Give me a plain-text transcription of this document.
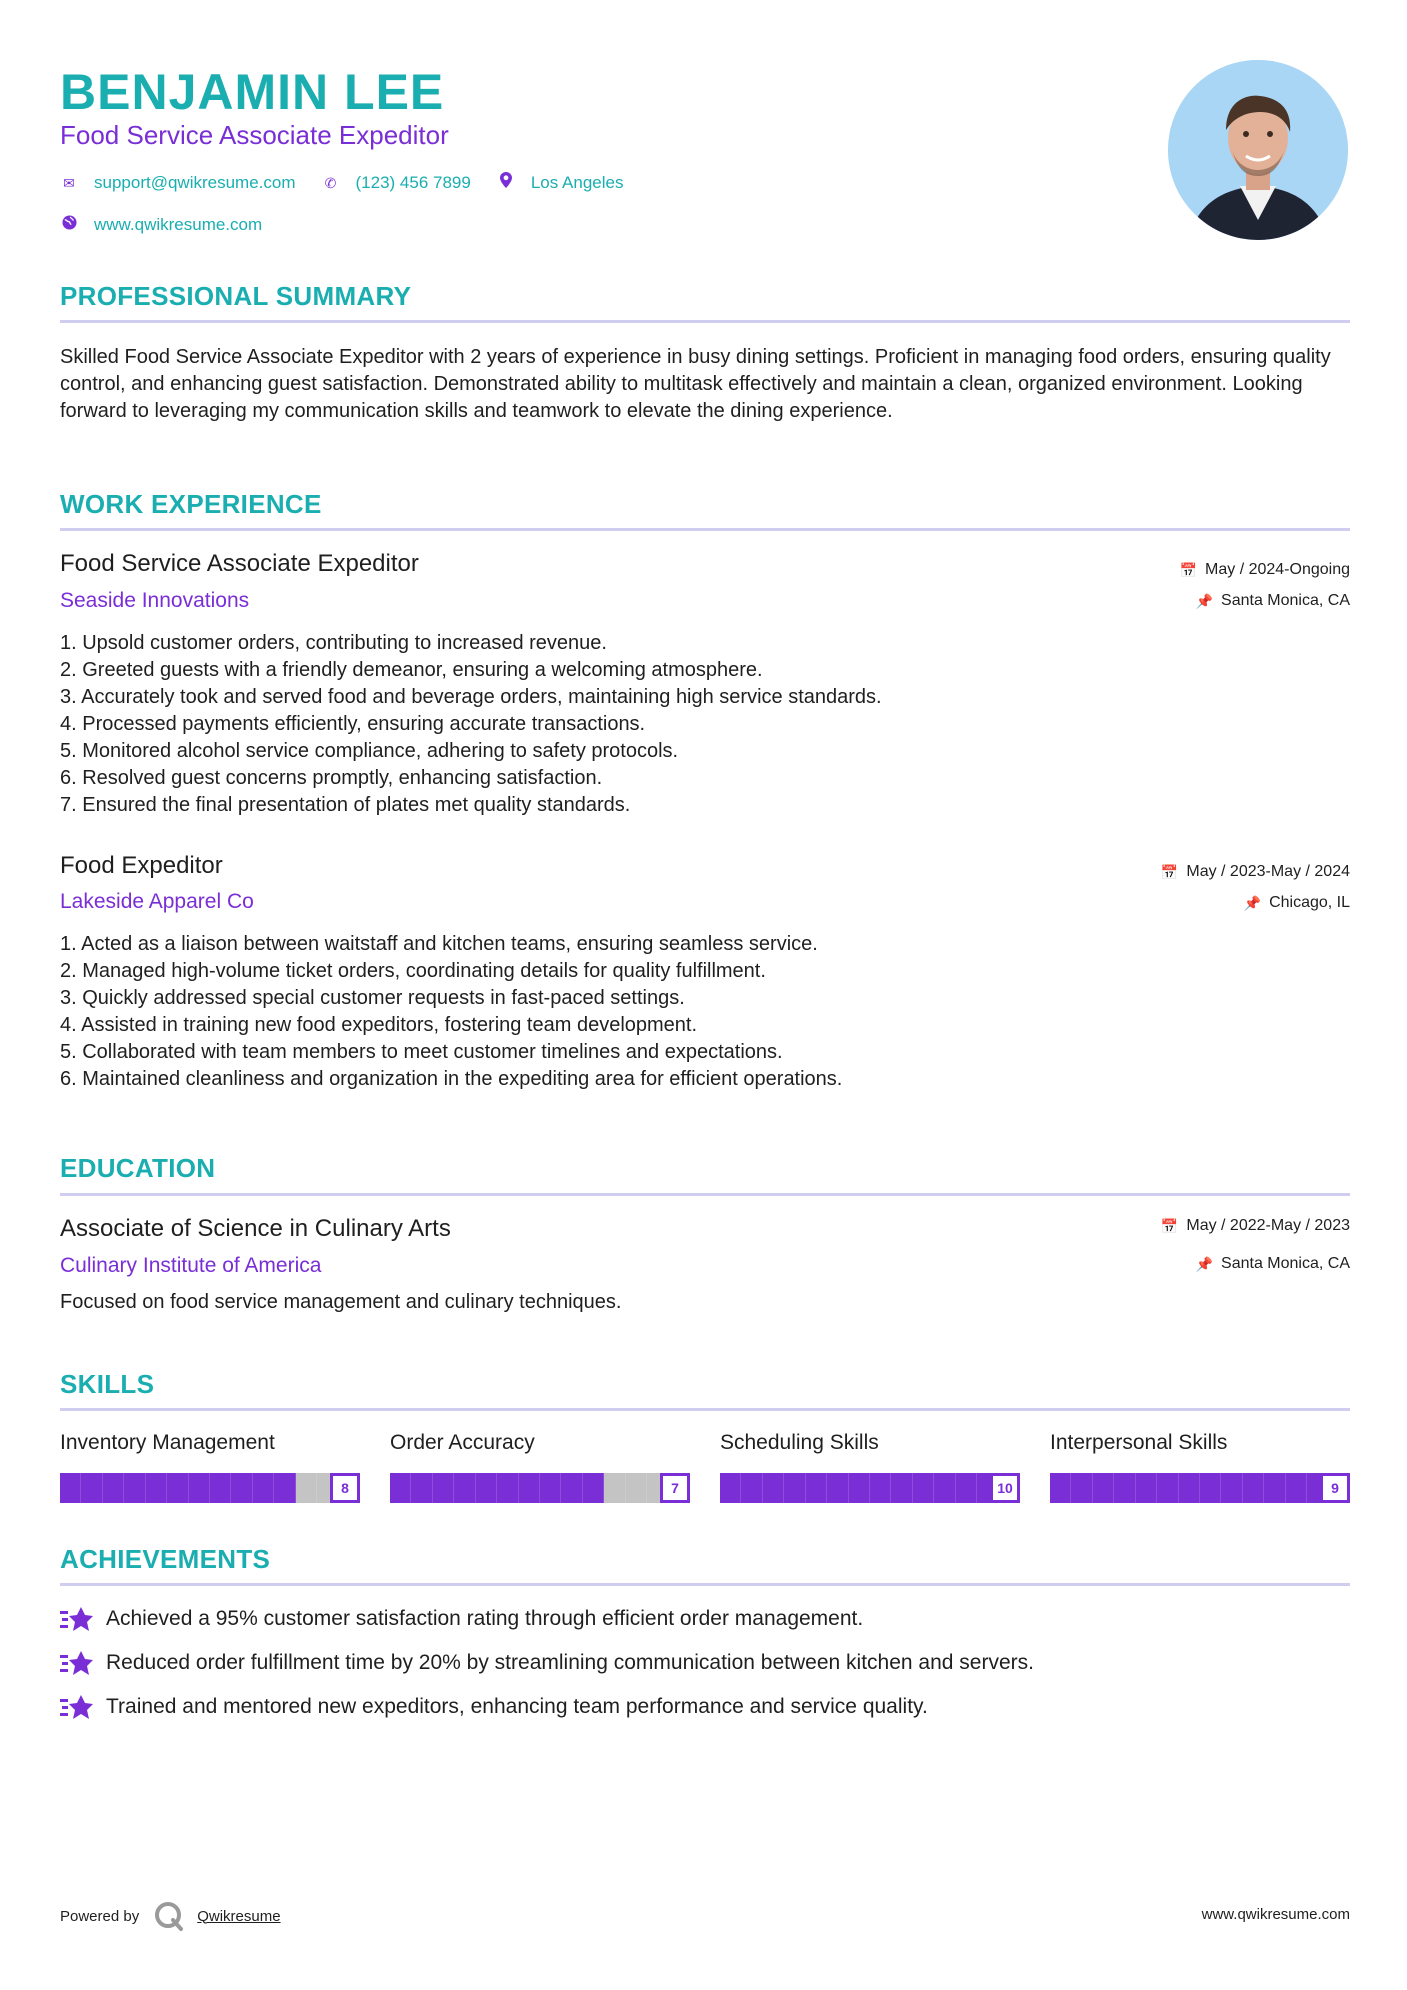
BENJAMIN LEE
Food Service Associate Expeditor
✉ support@qwikresume.com ✆ (123) 456 7899	Los Angeles
www.qwikresume.com
PROFESSIONAL SUMMARY
Skilled Food Service Associate Expeditor with 2 years of experience in busy dining settings. Proficient in managing food orders, ensuring quality control, and enhancing guest satisfaction. Demonstrated ability to multitask effectively and maintain a clean, organized environment. Looking forward to leveraging my communication skills and teamwork to elevate the dining experience.
WORK EXPERIENCE
Food Service Associate Expeditor
Seaside Innovations
📅 May / 2024-Ongoing
📌 Santa Monica, CA
1. Upsold customer orders, contributing to increased revenue.
2. Greeted guests with a friendly demeanor, ensuring a welcoming atmosphere.
3. Accurately took and served food and beverage orders, maintaining high service standards.
4. Processed payments efficiently, ensuring accurate transactions.
5. Monitored alcohol service compliance, adhering to safety protocols.
6. Resolved guest concerns promptly, enhancing satisfaction.
7. Ensured the final presentation of plates met quality standards.
Food Expeditor
Lakeside Apparel Co
📅 May / 2023-May / 2024
📌 Chicago, IL
1. Acted as a liaison between waitstaff and kitchen teams, ensuring seamless service.
2. Managed high-volume ticket orders, coordinating details for quality fulfillment.
3. Quickly addressed special customer requests in fast-paced settings.
4. Assisted in training new food expeditors, fostering team development.
5. Collaborated with team members to meet customer timelines and expectations.
6. Maintained cleanliness and organization in the expediting area for efficient operations.
EDUCATION
Associate of Science in Culinary Arts
Culinary Institute of America
📅 May / 2022-May / 2023
📌 Santa Monica, CA
Focused on food service management and culinary techniques.
SKILLS
Inventory Management
8
Order Accuracy
7
Scheduling Skills
10
Interpersonal Skills
9
ACHIEVEMENTS
Achieved a 95% customer satisfaction rating through efficient order management.
Reduced order fulfillment time by 20% by streamlining communication between kitchen and servers.
Trained and mentored new expeditors, enhancing team performance and service quality.
Powered by	Qwikresume	www.qwikresume.com
